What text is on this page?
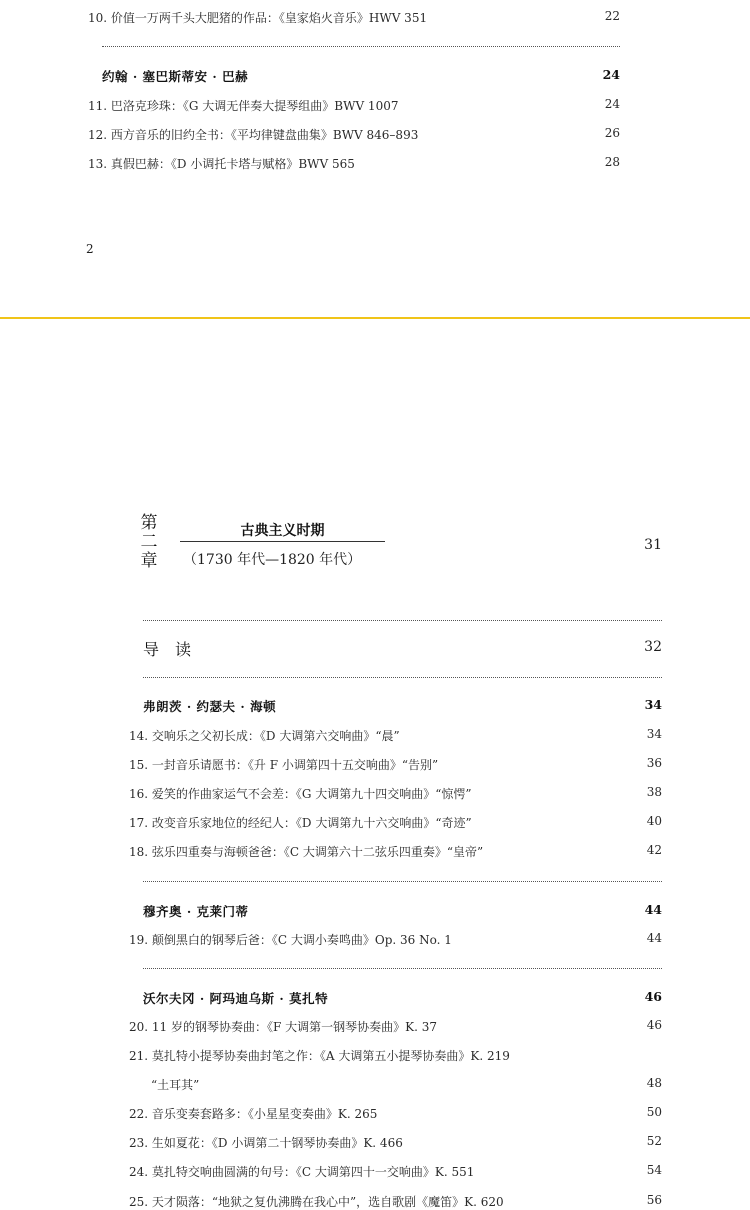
10. 价值一万两千头大肥猪的作品：《皇家焰火音乐》HWV 351	22
约翰 · 塞巴斯蒂安 · 巴赫	24
11. 巴洛克珍珠：《G 大调无伴奏大提琴组曲》BWV 1007	24
12. 西方音乐的旧约全书：《平均律键盘曲集》BWV 846–893	26
13. 真假巴赫：《D 小调托卡塔与赋格》BWV 565	28
2
第
二
章
古典主义时期
（1730 年代—1820 年代）
31
导　读	32
弗朗茨 · 约瑟夫 · 海顿	34
14. 交响乐之父初长成：《D 大调第六交响曲》“晨”	34
15. 一封音乐请愿书：《升 F 小调第四十五交响曲》“告别”	36
16. 爱笑的作曲家运气不会差：《G 大调第九十四交响曲》“惊愕”	38
17. 改变音乐家地位的经纪人：《D 大调第九十六交响曲》“奇迹”	40
18. 弦乐四重奏与海顿爸爸：《C 大调第六十二弦乐四重奏》“皇帝”	42
穆齐奥 · 克莱门蒂	44
19. 颠倒黑白的钢琴后爸：《C 大调小奏鸣曲》Op. 36 No. 1	44
沃尔夫冈 · 阿玛迪乌斯 · 莫扎特	46
20. 11 岁的钢琴协奏曲：《F 大调第一钢琴协奏曲》K. 37	46
21. 莫扎特小提琴协奏曲封笔之作：《A 大调第五小提琴协奏曲》K. 219
“土耳其”	48
22. 音乐变奏套路多：《小星星变奏曲》K. 265	50
23. 生如夏花：《D 小调第二十钢琴协奏曲》K. 466	52
24. 莫扎特交响曲圆满的句号：《C 大调第四十一交响曲》K. 551	54
25. 天才陨落：“地狱之复仇沸腾在我心中”，选自歌剧《魔笛》K. 620	56
